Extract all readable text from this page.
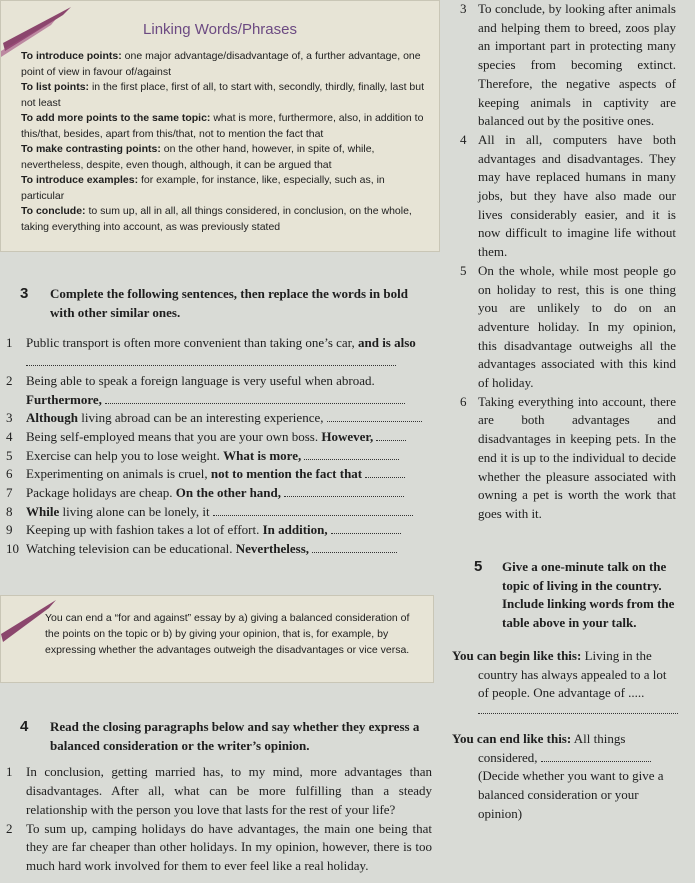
Linking Words/Phrases

To introduce points: one major advantage/disadvantage of, a further advantage, one point of view in favour of/against

To list points: in the first place, first of all, to start with, secondly, thirdly, finally, last but not least

To add more points to the same topic: what is more, furthermore, also, in addition to this/that, besides, apart from this/that, not to mention the fact that

To make contrasting points: on the other hand, however, in spite of, while, nevertheless, despite, even though, although, it can be argued that

To introduce examples: for example, for instance, like, especially, such as, in particular

To conclude: to sum up, all in all, all things considered, in conclusion, on the whole, taking everything into account, as was previously stated

3 Complete the following sentences, then replace the words in bold with other similar ones.
1	Public transport is often more convenient than taking one’s car, and is also
2	Being able to speak a foreign language is very useful when abroad. Furthermore,
3	Although living abroad can be an interesting experience,
4	Being self-employed means that you are your own boss. However,
5	Exercise can help you to lose weight. What is more,
6	Experimenting on animals is cruel, not to mention the fact that
7	Package holidays are cheap. On the other hand,
8	While living alone can be lonely, it
9	Keeping up with fashion takes a lot of effort. In addition,
10 Watching television can be educational. Nevertheless,
You can end a “for and against” essay by a) giving a balanced consideration of the points on the topic or b) by giving your opinion, that is, for example, by expressing whether the advantages outweigh the disadvantages or vice versa.
4 Read the closing paragraphs below and say whether they express a balanced consideration or the writer’s opinion.
1	In conclusion, getting married has, to my mind, more advantages than disadvantages. After all, what can be more fulfilling than a steady relationship with the person you love that lasts for the rest of your life?
2	To sum up, camping holidays do have advantages, the main one being that they are far cheaper than other holidays. In my opinion, however, there is too much hard work involved for them to ever feel like a real holiday.
3 To conclude, by looking after animals and helping them to breed, zoos play an important part in protecting many species from becoming extinct. Therefore, the negative aspects of keeping animals in captivity are balanced out by the positive ones.
4 All in all, computers have both advantages and disadvantages. They may have replaced humans in many jobs, but they have also made our lives considerably easier, and it is now difficult to imagine life without them.
5 On the whole, while most people go on holiday to rest, this is one thing you are unlikely to do on an adventure holiday. In my opinion, this disadvantage outweighs all the advantages associated with this kind of holiday.
6 Taking everything into account, there are both advantages and disadvantages in keeping pets. In the end it is up to the individual to decide whether the pleasure associated with owning a pet is worth the work that goes with it.
5 Give a one-minute talk on the topic of living in the country. Include linking words from the table above in your talk.
You can begin like this: Living in the country has always appealed to a lot of people. One advantage of .....
You can end like this: All things considered,
(Decide whether you want to give a balanced consideration or your opinion)
